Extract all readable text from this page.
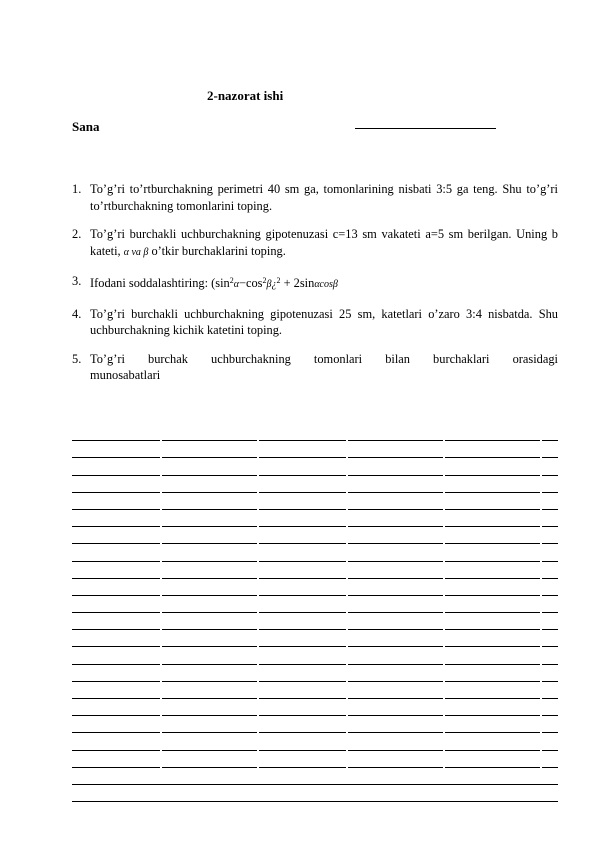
2-nazorat ishi
Sana
1. To’g’ri to’rtburchakning perimetri 40 sm ga, tomonlarining nisbati 3:5 ga teng. Shu to’g’ri to’rtburchakning tomonlarini toping.
2. To’g’ri burchakli uchburchakning gipotenuzasi c=13 sm vakateti a=5 sm berilgan. Uning b kateti, α va β o’tkir burchaklarini toping.
3. Ifodani soddalashtiring: ($\sin^2\alpha-\cos^2\beta¿^2 + 2\sin\alpha\cos\beta$
4. To’g’ri burchakli uchburchakning gipotenuzasi 25 sm, katetlari o’zaro 3:4 nisbatda. Shu uchburchakning kichik katetini toping.
5. To’g’ri burchak uchburchakning tomonlari bilan burchaklari orasidagi
munosabatlari
